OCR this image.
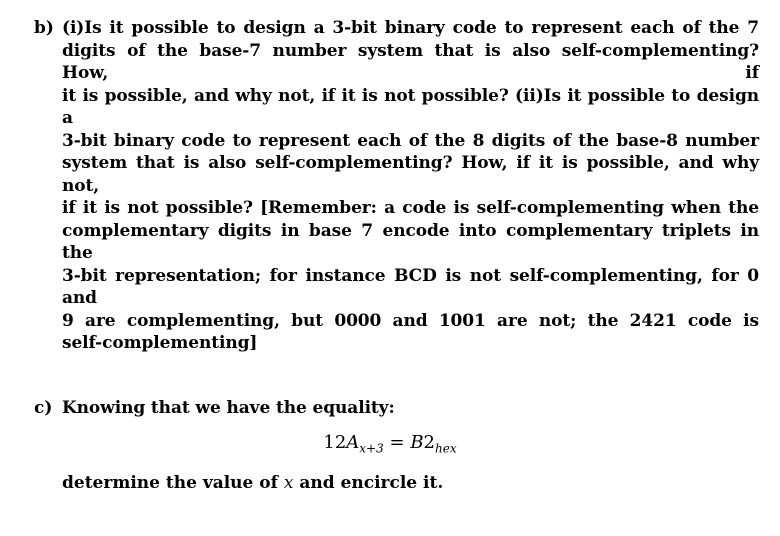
b) (i)Is it possible to design a 3-bit binary code to represent each of the 7
digits of the base-7 number system that is also self-complementing? How, if
it is possible, and why not, if it is not possible? (ii)Is it possible to design a
3-bit binary code to represent each of the 8 digits of the base-8 number
system that is also self-complementing? How, if it is possible, and why not,
if it is not possible? [Remember: a code is self-complementing when the
complementary digits in base 7 encode into complementary triplets in the
3-bit representation; for instance BCD is not self-complementing, for 0 and
9 are complementing, but 0000 and 1001 are not; the 2421 code is
self-complementing]
c) Knowing that we have the equality:
$12A_{x+3} = B2_{hex}$
determine the value of x and encircle it.
